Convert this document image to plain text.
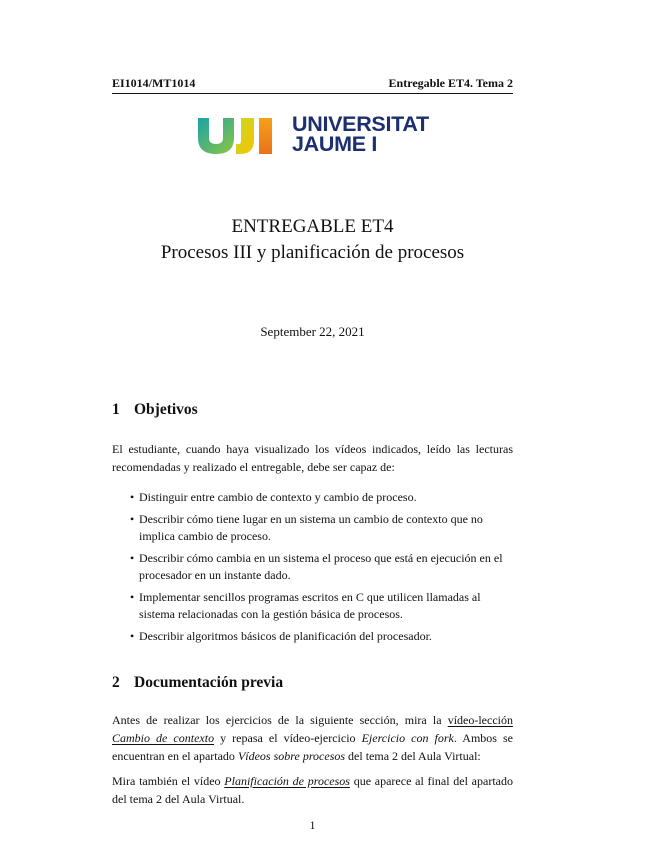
EI1014/MT1014	Entregable ET4. Tema 2
UNIVERSITAT
JAUME I
ENTREGABLE ET4
Procesos III y planificación de procesos
September 22, 2021
1 Objetivos

El estudiante, cuando haya visualizado los vídeos indicados, leído las lecturas recomendadas y realizado el entregable, debe ser capaz de:

• Distinguir entre cambio de contexto y cambio de proceso.
• Describir cómo tiene lugar en un sistema un cambio de contexto que no implica cambio de proceso.
• Describir cómo cambia en un sistema el proceso que está en ejecución en el procesador en un instante dado.
• Implementar sencillos programas escritos en C que utilicen llamadas al sistema relacionadas con la gestión básica de procesos.
• Describir algoritmos básicos de planificación del procesador.
2 Documentación previa

Antes de realizar los ejercicios de la siguiente sección, mira la vídeo-lección Cambio de contexto y repasa el vídeo-ejercicio Ejercicio con fork. Ambos se encuentran en el apartado Vídeos sobre procesos del tema 2 del Aula Virtual:

Mira también el vídeo Planificación de procesos que aparece al final del apartado del tema 2 del Aula Virtual.

1
